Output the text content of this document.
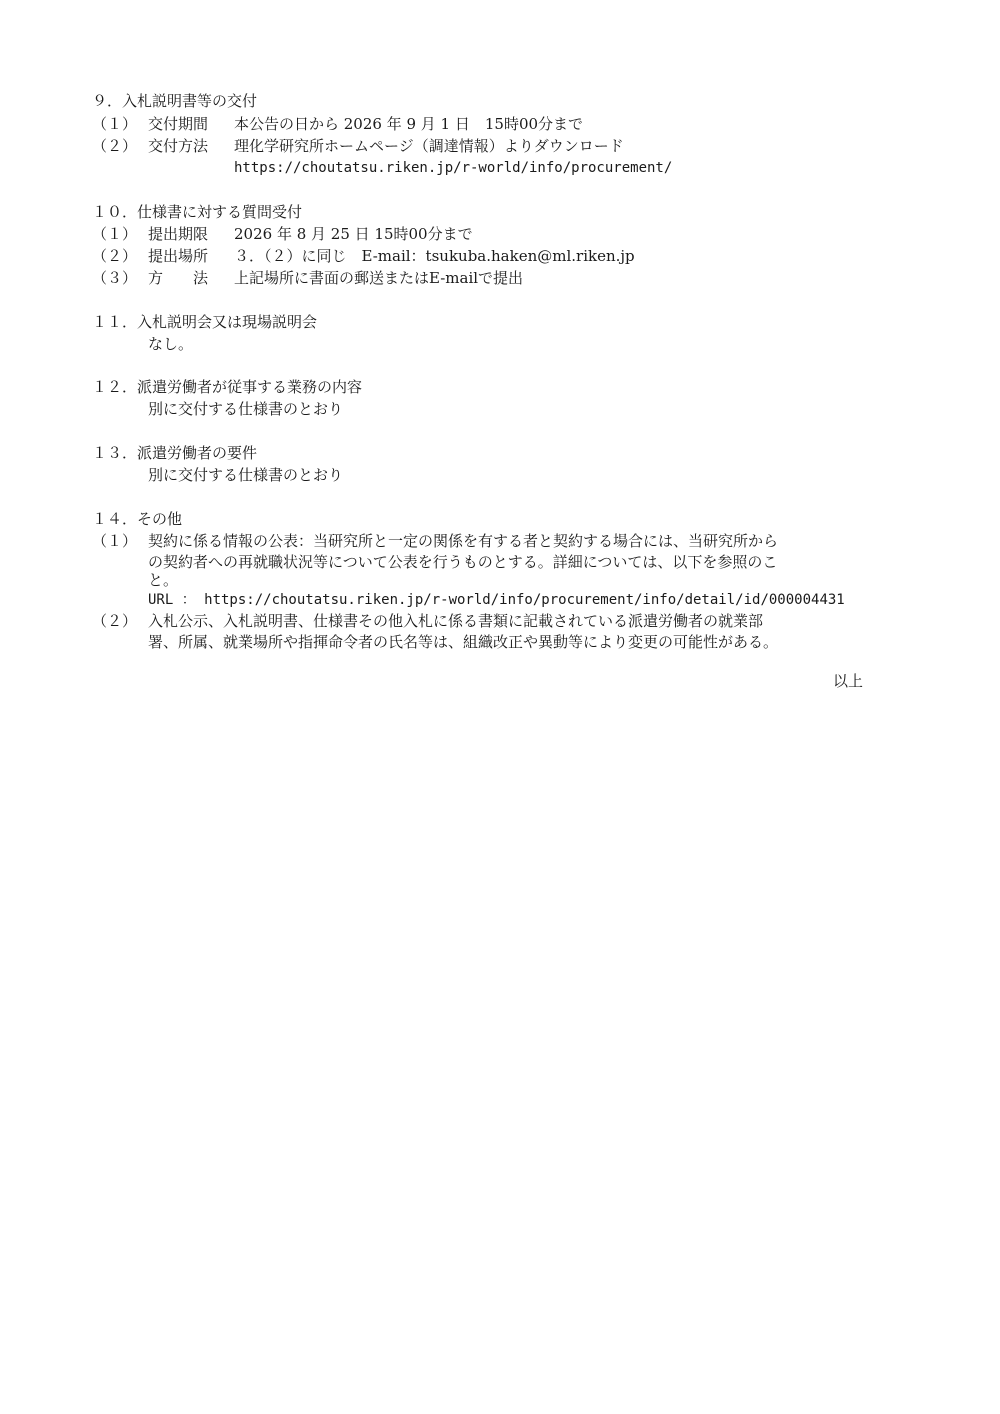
９．入札説明書等の交付
（１） 交付期間 本公告の日から 2026 年 9 月 1 日　15時00分まで
（２） 交付方法 理化学研究所ホームページ（調達情報）よりダウンロード
https://choutatsu.riken.jp/r-world/info/procurement/
１０．仕様書に対する質問受付
（１） 提出期限 2026 年 8 月 25 日 15時00分まで
（２） 提出場所 ３．（２）に同じ　E-mail：tsukuba.haken@ml.riken.jp
（３） 方　　法 上記場所に書面の郵送またはE-mailで提出
１１．入札説明会又は現場説明会
なし。
１２．派遣労働者が従事する業務の内容
別に交付する仕様書のとおり
１３．派遣労働者の要件
別に交付する仕様書のとおり
１４．その他
（１） 契約に係る情報の公表：当研究所と一定の関係を有する者と契約する場合には、当研究所から
の契約者への再就職状況等について公表を行うものとする。詳細については、以下を参照のこ
と。
URL ： https://choutatsu.riken.jp/r-world/info/procurement/info/detail/id/000004431
（２） 入札公示、入札説明書、仕様書その他入札に係る書類に記載されている派遣労働者の就業部
署、所属、就業場所や指揮命令者の氏名等は、組織改正や異動等により変更の可能性がある。
以上
